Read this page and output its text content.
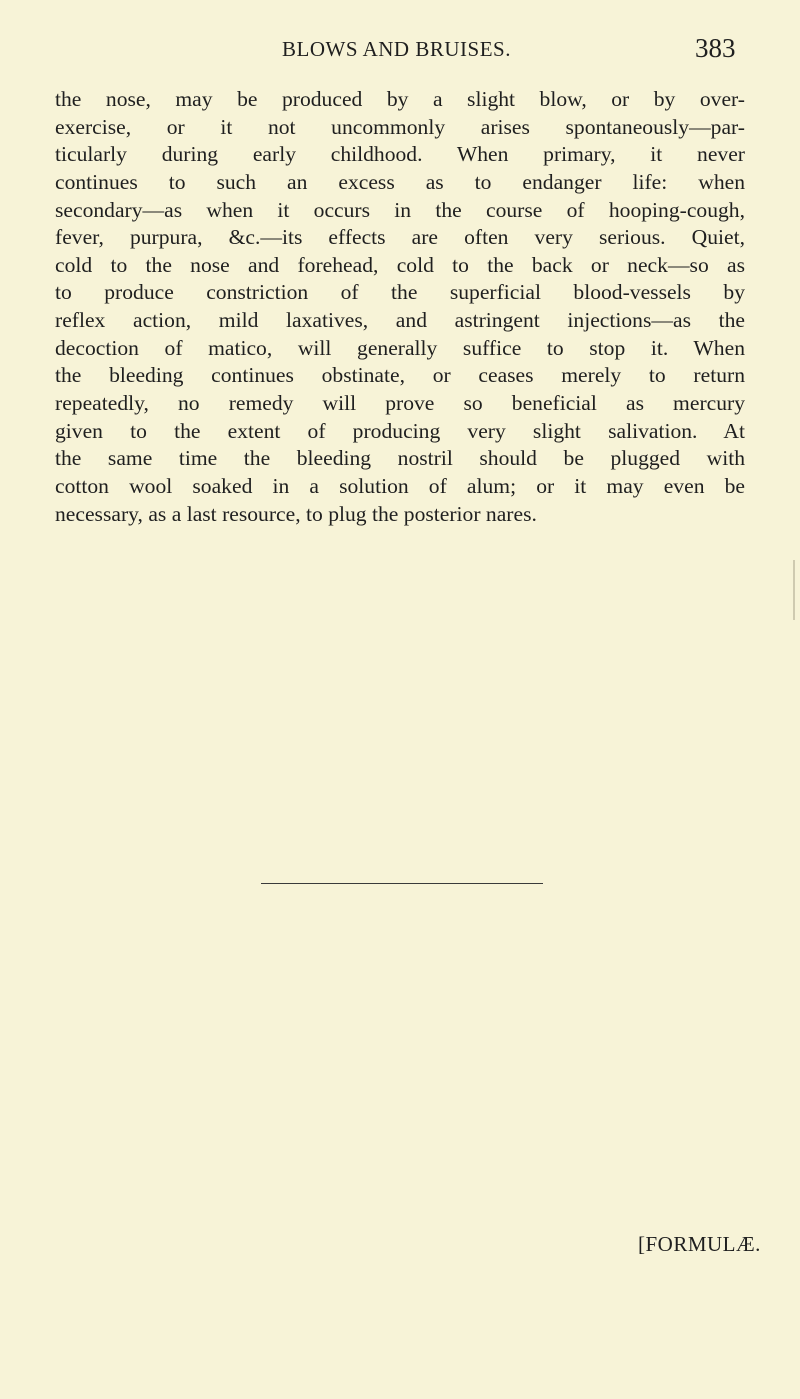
BLOWS AND BRUISES.	383
the nose, may be produced by a slight blow, or by over-
exercise, or it not uncommonly arises spontaneously—par-
ticularly during early childhood. When primary, it never
continues to such an excess as to endanger life: when
secondary—as when it occurs in the course of hooping-cough,
fever, purpura, &c.—its effects are often very serious. Quiet,
cold to the nose and forehead, cold to the back or neck—so as
to produce constriction of the superficial blood-vessels by
reflex action, mild laxatives, and astringent injections—as the
decoction of matico, will generally suffice to stop it. When
the bleeding continues obstinate, or ceases merely to return
repeatedly, no remedy will prove so beneficial as mercury
given to the extent of producing very slight salivation. At
the same time the bleeding nostril should be plugged with
cotton wool soaked in a solution of alum; or it may even be
necessary, as a last resource, to plug the posterior nares.
[FORMULÆ.
